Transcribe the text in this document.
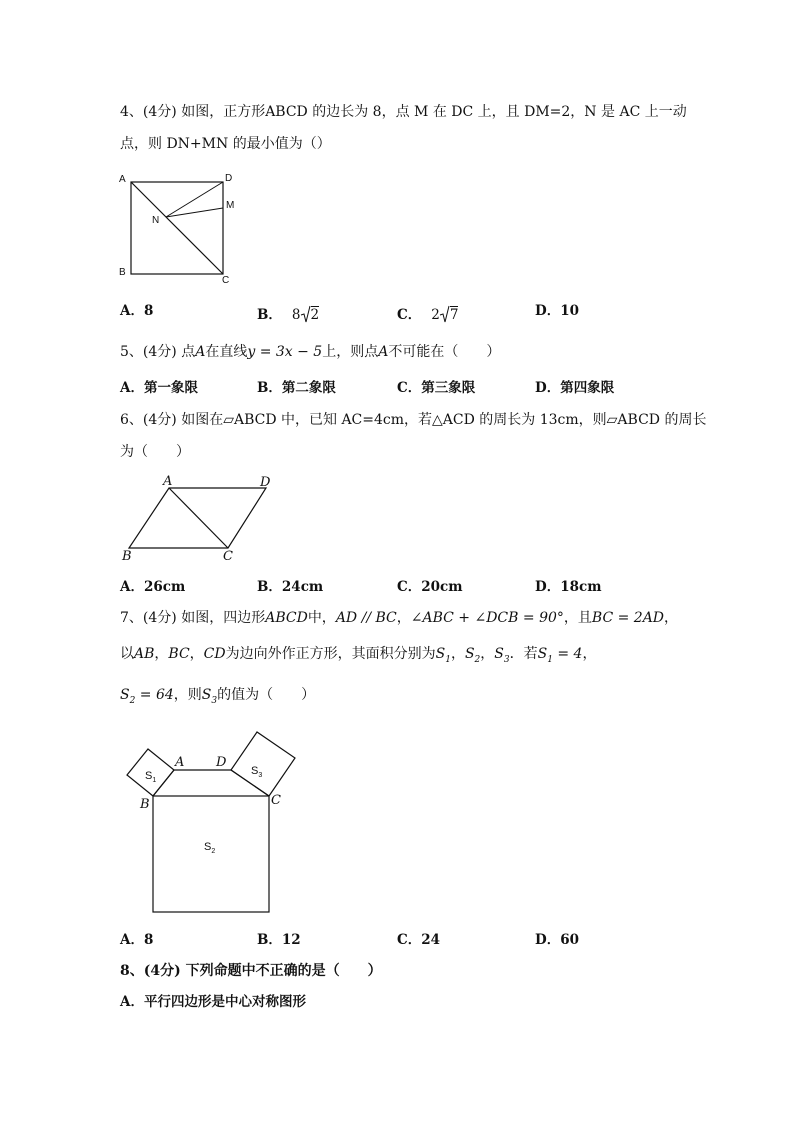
4、(4分) 如图，正方形ABCD 的边长为 8，点 M 在 DC 上，且 DM=2，N 是 AC 上一动
点，则 DN+MN 的最小值为（）
A	D
M
N
B
C
A．8	B． 8 2	C． 2 7	D．10
5、(4分) 点A在直线y = 3x − 5上，则点A不可能在（　　）
A．第一象限	B．第二象限	C．第三象限	D．第四象限
6、(4分) 如图在▱ABCD 中，已知 AC=4cm，若△ACD 的周长为 13cm，则▱ABCD 的周长
为（　　）
A	D
B	C
A．26cm	B．24cm	C．20cm	D．18cm
7、(4分) 如图，四边形ABCD中，AD // BC，∠ABC + ∠DCB = 90°，且BC = 2AD，
以AB，BC，CD为边向外作正方形，其面积分别为$S_1$，$S_2$，$S_3$．若$S_1 = 4$，
$S_2 = 64$，则$S_3$的值为（　　）
A D
B	C
$S_1$
$S_3$
$S_2$
A．8	B．12	C．24	D．60
8、(4分) 下列命题中不正确的是（　　）
A．平行四边形是中心对称图形
